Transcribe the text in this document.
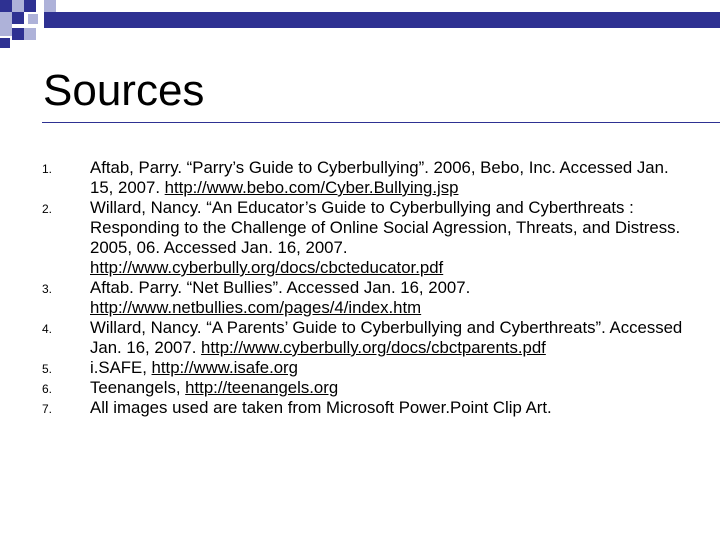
Sources
1. Aftab, Parry. “Parry’s Guide to Cyberbullying”. 2006, Bebo, Inc. Accessed Jan. 15, 2007. http://www.bebo.com/Cyber.Bullying.jsp
2. Willard, Nancy. “An Educator’s Guide to Cyberbullying and Cyberthreats : Responding to the Challenge of Online Social Agression, Threats, and Distress. 2005, 06. Accessed Jan. 16, 2007. http://www.cyberbully.org/docs/cbcteducator.pdf
3. Aftab. Parry. “Net Bullies”. Accessed Jan. 16, 2007. http://www.netbullies.com/pages/4/index.htm
4. Willard, Nancy. “A Parents’ Guide to Cyberbullying and Cyberthreats”. Accessed Jan. 16, 2007. http://www.cyberbully.org/docs/cbctparents.pdf
5. i.SAFE, http://www.isafe.org
6. Teenangels, http://teenangels.org
7. All images used are taken from Microsoft Power.Point Clip Art.
